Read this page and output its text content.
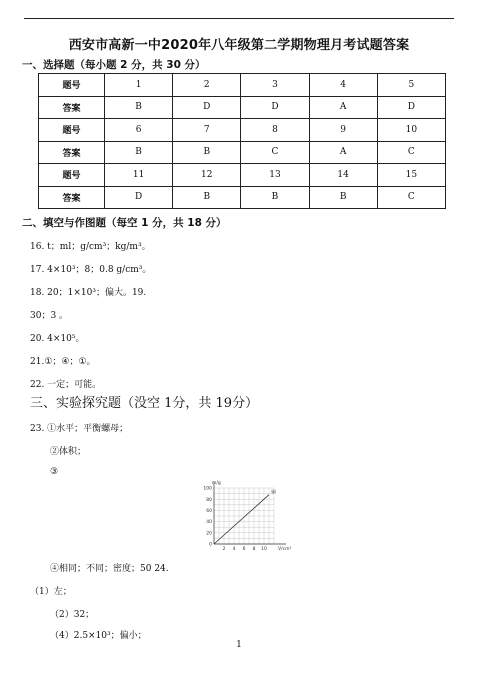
西安市高新一中2020年八年级第二学期物理月考试题答案
一、选择题（每小题 2 分，共 30 分）
题号	1	2	3	4	5
答案	B	D	D	A	D
题号	6	7	8	9	10
答案	B	B	C	A	C
题号	11	12	13	14	15
答案	D	B	B	B	C
二、填空与作图题（每空 1 分，共 18 分）
16. t；ml；g/cm³；kg/m³。
17. 4×10³；8；0.8 g/cm³。
18. 20；1×10³；偏大。19.
30；3 。
20. 4×10⁵。
21.①；④；①。
22. 一定；可能。
三、实验探究题（没空 1分，共 19分）
23. ①水平；平衡螺母；
②体积；
③
100
80
60
40
20
0
2 4 6 8 10
m/g
V/cm³
铜
④相同；不同；密度；50 24.
（1）左；
（2）32；
（4）2.5×10³；偏小；
1
